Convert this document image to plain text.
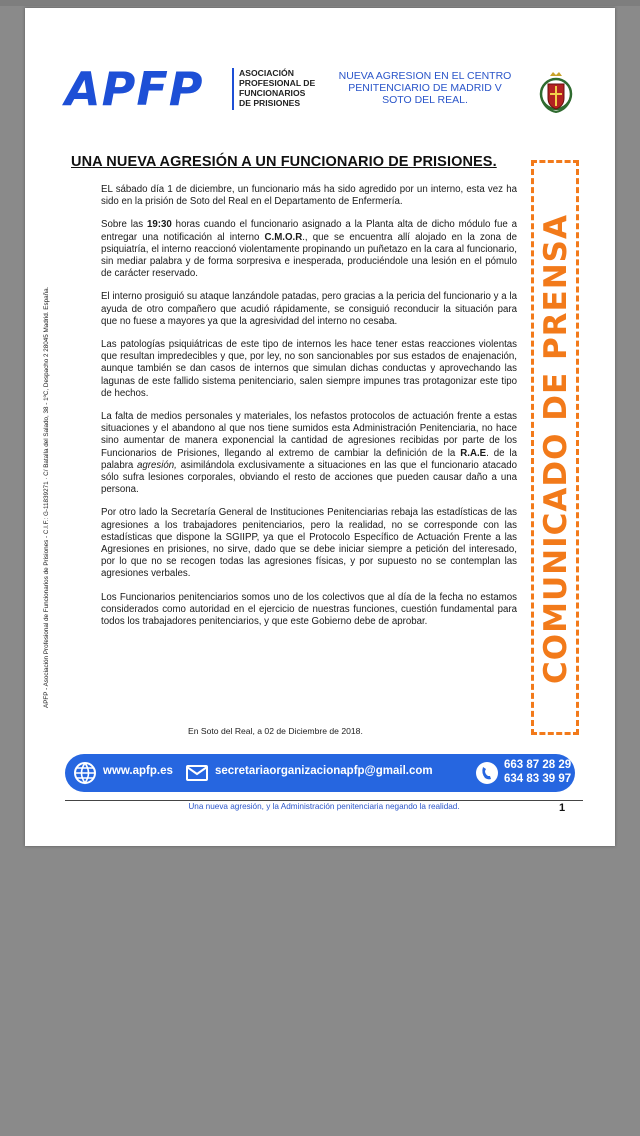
APFP	ASOCIACIÓN
PROFESIONAL DE
FUNCIONARIOS
DE PRISIONES
NUEVA AGRESION EN EL CENTRO
PENITENCIARIO DE MADRID V
SOTO DEL REAL.
APFP - Asociación Profesional de Funcionarios de Prisiones - C.I.F.: G-11839271 · C/ Batalla del Salado, 38 - 1ºC, Despacho 2 28045 Madrid. España.
UNA NUEVA AGRESIÓN A UN FUNCIONARIO DE PRISIONES.

EL sábado día 1 de diciembre, un funcionario más ha sido agredido por un interno, esta vez ha sido en la prisión de Soto del Real en el Departamento de Enfermería.

Sobre las 19:30 horas cuando el funcionario asignado a la Planta alta de dicho módulo fue a entregar una notificación al interno C.M.O.R., que se encuentra allí alojado en la zona de psiquiatría, el interno reaccionó violentamente propinando un puñetazo en la cara al funcionario, sin mediar palabra y de forma sorpresiva e inesperada, produciéndole una lesión en el pómulo de carácter reservado.

El interno prosiguió su ataque lanzándole patadas, pero gracias a la pericia del funcionario y a la ayuda de otro compañero que acudió rápidamente, se consiguió reconducir la situación para que no fuese a mayores ya que la agresividad del interno no cesaba.

Las patologías psiquiátricas de este tipo de internos les hace tener estas reacciones violentas que resultan impredecibles y que, por ley, no son sancionables por sus estados de enajenación, aunque también se dan casos de internos que simulan dichas conductas y aprovechando las lagunas de este fallido sistema penitenciario, salen siempre impunes tras protagonizar este tipo de hechos.

La falta de medios personales y materiales, los nefastos protocolos de actuación frente a estas situaciones y el abandono al que nos tiene sumidos esta Administración Penitenciaria, no hace sino aumentar de manera exponencial la cantidad de agresiones recibidas por parte de los Funcionarios de Prisiones, llegando al extremo de cambiar la definición de la R.A.E. de la palabra agresión, asimilándola exclusivamente a situaciones en las que el funcionario atacado sólo sufra lesiones corporales, obviando el resto de acciones que pueden causar daño a una persona.

Por otro lado la Secretaría General de Instituciones Penitenciarias rebaja las estadísticas de las agresiones a los trabajadores penitenciarios, pero la realidad, no se corresponde con las estadísticas que dispone la SGIIPP, ya que el Protocolo Específico de Actuación Frente a las Agresiones en prisiones, no sirve, dado que se debe iniciar siempre a petición del interesado, por lo que no se recogen todas las agresiones físicas, y por supuesto no se contemplan las agresiones verbales.

Los Funcionarios penitenciarios somos uno de los colectivos que al día de la fecha no estamos considerados como autoridad en el ejercicio de nuestras funciones, cuestión fundamental para todos los trabajadores penitenciarios, y que este Gobierno debe de aprobar.

En Soto del Real, a 02 de Diciembre de 2018.
COMUNICADO DE PRENSA
www.apfp.es	secretariaorganizacionapfp@gmail.com	663 87 28 29
634 83 39 97
Una nueva agresión, y la Administración penitenciaria negando la realidad.	1
